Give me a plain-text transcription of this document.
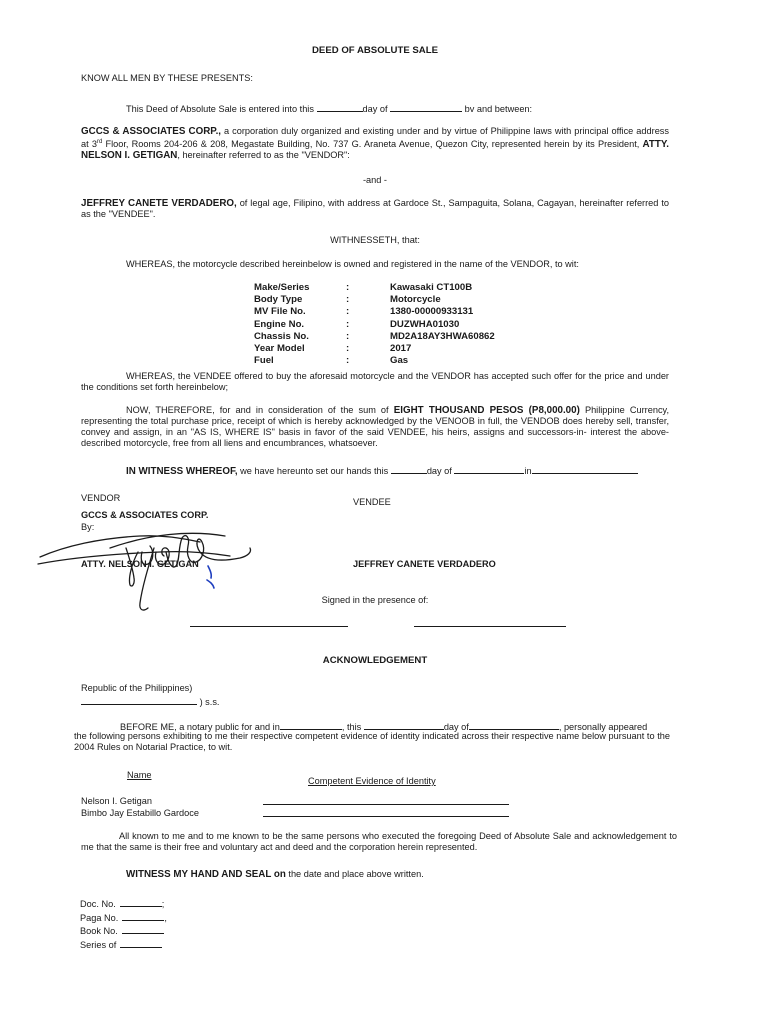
DEED OF ABSOLUTE SALE
KNOW ALL MEN BY THESE PRESENTS:
This Deed of Absolute Sale is entered into this	day of	bv and between:
GCCS & ASSOCIATES CORP., a corporation duly organized and existing under and by virtue of Philippine laws with principal office address at 3rd Floor, Rooms 204-206 & 208, Megastate Building, No. 737 G. Araneta Avenue, Quezon City, represented herein by its President, ATTY. NELSON I. GETIGAN, hereinafter referred to as the "VENDOR":
-and -
JEFFREY CANETE VERDADERO, of legal age, Filipino, with address at Gardoce St., Sampaguita, Solana, Cagayan, hereinafter referred to as the "VENDEE".
WITHNESSETH, that:
WHEREAS, the motorcycle described hereinbelow is owned and registered in the name of the VENDOR, to wit:
Make/Series	:	Kawasaki CT100B
Body Type	:	Motorcycle
MV File No.	:	1380-00000933131
Engine No.	:	DUZWHA01030
Chassis No.	:	MD2A18AY3HWA60862
Year Model	:	2017
Fuel	:	Gas
WHEREAS, the VENDEE offered to buy the aforesaid motorcycle and the VENDOR has accepted such offer for the price and under the conditions set forth hereinbelow;
NOW, THEREFORE, for and in consideration of the sum of EIGHT THOUSAND PESOS (P8,000.00) Philippine Currency, representing the total purchase price, receipt of which is hereby acknowledged by the VENOOB in full, the VENDOB does hereby sell, transfer, convey and assign, in an "AS IS, WHERE IS" basis in favor of the said VENDEE, his heirs, assigns and successors-in- interest the above-described motorcycle, free from all liens and encumbrances, whatsoever.
IN WITNESS WHEREOF, we have hereunto set our hands this	day of	in
VENDOR	VENDEE
GCCS & ASSOCIATES CORP.
By:
ATTY. NELSON I. GETIGAN	JEFFREY CANETE VERDADERO
Signed in the presence of:
ACKNOWLEDGEMENT
Republic of the Philippines)
) s.s.
BEFORE ME, a notary public for and in	, this	day of	, personally appeared
the following persons exhibiting to me their respective competent evidence of identity indicated across their respective name below pursuant to the 2004 Rules on Notarial Practice, to wit.
Name
Competent Evidence of Identity
Nelson I. Getigan
Bimbo Jay Estabillo Gardoce
All known to me and to me known to be the same persons who executed the foregoing Deed of Absolute Sale and acknowledgement to me that the same is their free and voluntary act and deed and the corporation herein represented.
WITNESS MY HAND AND SEAL on the date and place above written.
Doc. No.	;
Paga No.	,
Book No.
Series of
